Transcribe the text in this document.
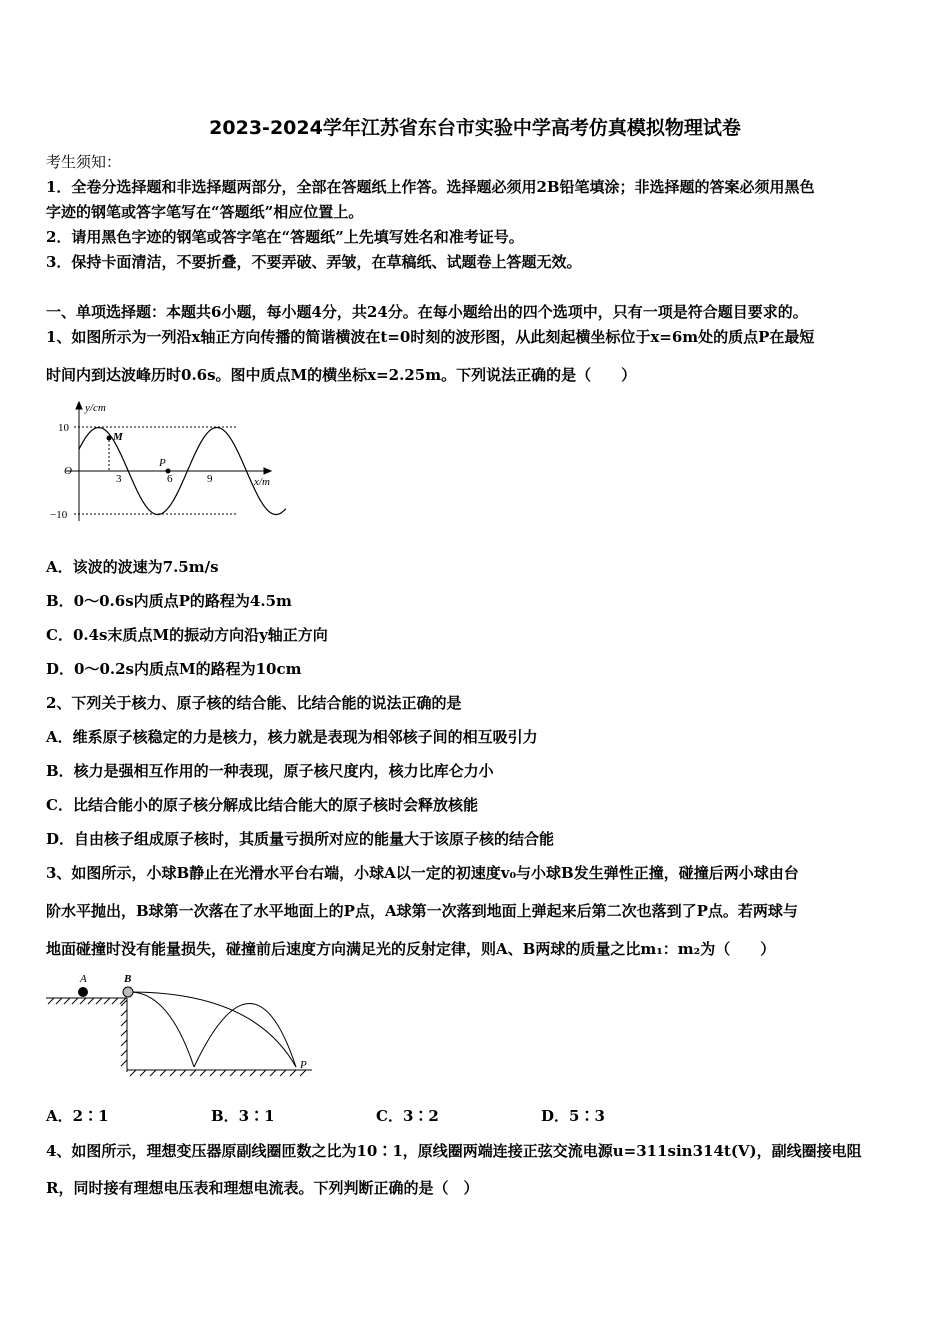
2023-2024学年江苏省东台市实验中学高考仿真模拟物理试卷
考生须知：
1．全卷分选择题和非选择题两部分，全部在答题纸上作答。选择题必须用2B铅笔填涂；非选择题的答案必须用黑色
字迹的钢笔或答字笔写在“答题纸”相应位置上。
2．请用黑色字迹的钢笔或答字笔在“答题纸”上先填写姓名和准考证号。
3．保持卡面清洁，不要折叠，不要弄破、弄皱，在草稿纸、试题卷上答题无效。
一、单项选择题：本题共6小题，每小题4分，共24分。在每小题给出的四个选项中，只有一项是符合题目要求的。
1、如图所示为一列沿x轴正方向传播的简谐横波在t=0时刻的波形图，从此刻起横坐标位于x=6m处的质点P在最短
时间内到达波峰历时0.6s。图中质点M的横坐标x=2.25m。下列说法正确的是（　　）
y/cm
x/m
O
10
−10
3	6	9
M
P
A．该波的波速为7.5m/s
B．0～0.6s内质点P的路程为4.5m
C．0.4s末质点M的振动方向沿y轴正方向
D．0～0.2s内质点M的路程为10cm
2、下列关于核力、原子核的结合能、比结合能的说法正确的是
A．维系原子核稳定的力是核力，核力就是表现为相邻核子间的相互吸引力
B．核力是强相互作用的一种表现，原子核尺度内，核力比库仑力小
C．比结合能小的原子核分解成比结合能大的原子核时会释放核能
D．自由核子组成原子核时，其质量亏损所对应的能量大于该原子核的结合能
3、如图所示，小球B静止在光滑水平台右端，小球A以一定的初速度v₀与小球B发生弹性正撞，碰撞后两小球由台
阶水平抛出，B球第一次落在了水平地面上的P点，A球第一次落到地面上弹起来后第二次也落到了P点。若两球与
地面碰撞时没有能量损失，碰撞前后速度方向满足光的反射定律，则A、B两球的质量之比m₁：m₂为（　　）
A	B
P
A．2∶1	B．3∶1	C．3∶2	D．5∶3
4、如图所示，理想变压器原副线圈匝数之比为10∶1，原线圈两端连接正弦交流电源u=311sin314t(V)，副线圈接电阻
R，同时接有理想电压表和理想电流表。下列判断正确的是（　）
